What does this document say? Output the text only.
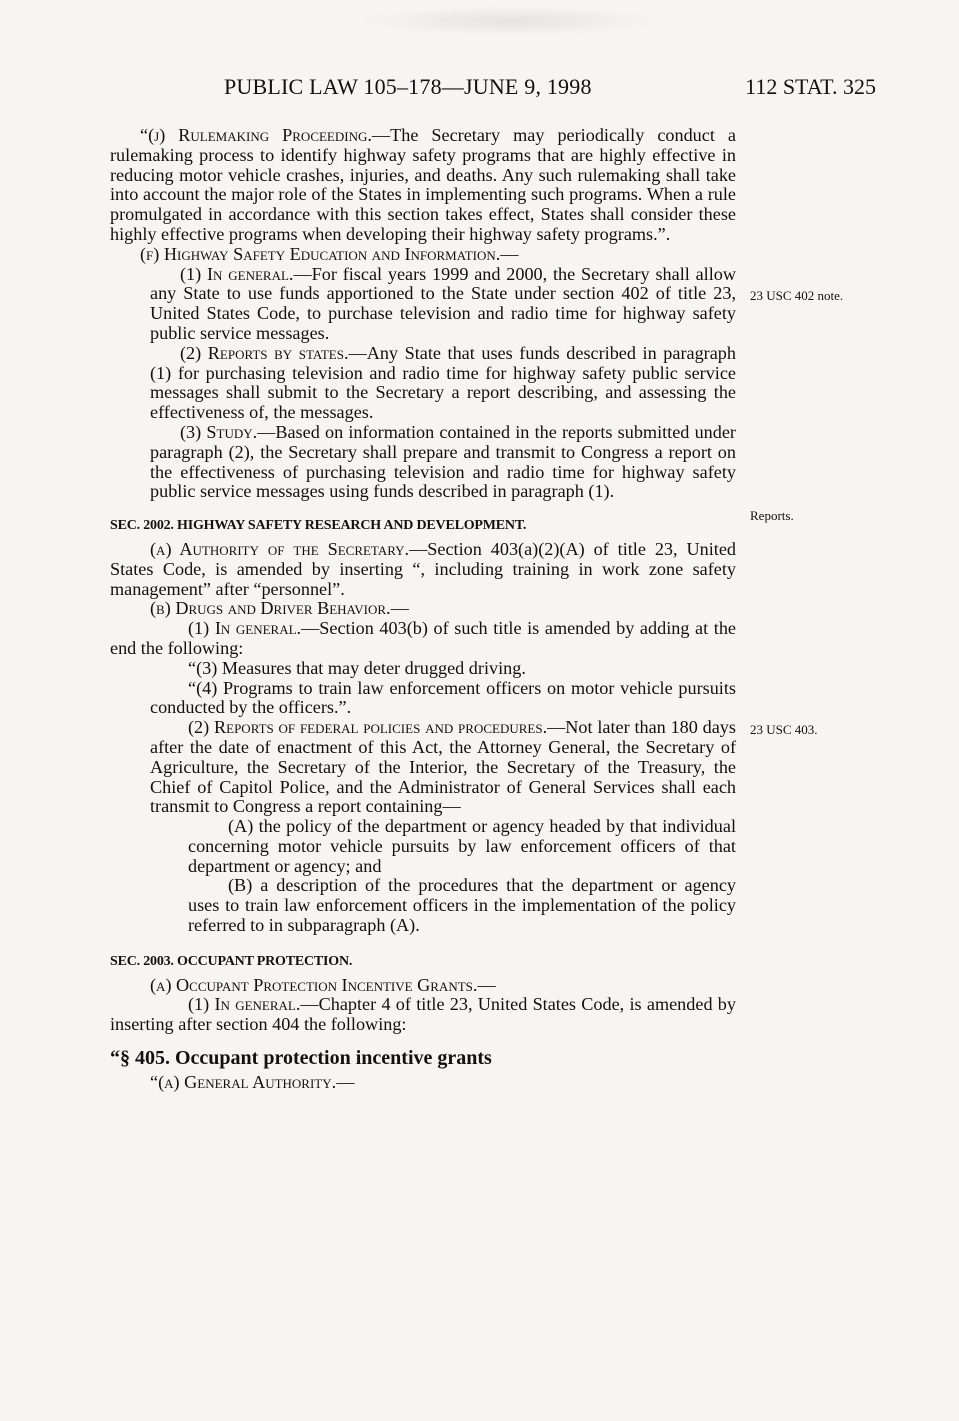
PUBLIC LAW 105–178—JUNE 9, 1998	112 STAT. 325
23 USC 402 note.
Reports.
23 USC 403.

“(j) Rulemaking Proceeding.—The Secretary may periodically conduct a rulemaking process to identify highway safety programs that are highly effective in reducing motor vehicle crashes, injuries, and deaths. Any such rulemaking shall take into account the major role of the States in implementing such programs. When a rule promulgated in accordance with this section takes effect, States shall consider these highly effective programs when developing their highway safety programs.”.

(f) Highway Safety Education and Information.—

(1) In general.—For fiscal years 1999 and 2000, the Secretary shall allow any State to use funds apportioned to the State under section 402 of title 23, United States Code, to purchase television and radio time for highway safety public service messages.

(2) Reports by states.—Any State that uses funds described in paragraph (1) for purchasing television and radio time for highway safety public service messages shall submit to the Secretary a report describing, and assessing the effectiveness of, the messages.

(3) Study.—Based on information contained in the reports submitted under paragraph (2), the Secretary shall prepare and transmit to Congress a report on the effectiveness of purchasing television and radio time for highway safety public service messages using funds described in paragraph (1).

SEC. 2002. HIGHWAY SAFETY RESEARCH AND DEVELOPMENT.

(a) Authority of the Secretary.—Section 403(a)(2)(A) of title 23, United States Code, is amended by inserting “, including training in work zone safety management” after “personnel”.

(b) Drugs and Driver Behavior.—

(1) In general.—Section 403(b) of such title is amended by adding at the end the following:

“(3) Measures that may deter drugged driving.

“(4) Programs to train law enforcement officers on motor vehicle pursuits conducted by the officers.”.

(2) Reports of federal policies and procedures.—Not later than 180 days after the date of enactment of this Act, the Attorney General, the Secretary of Agriculture, the Secretary of the Interior, the Secretary of the Treasury, the Chief of Capitol Police, and the Administrator of General Services shall each transmit to Congress a report containing—

(A) the policy of the department or agency headed by that individual concerning motor vehicle pursuits by law enforcement officers of that department or agency; and

(B) a description of the procedures that the department or agency uses to train law enforcement officers in the implementation of the policy referred to in subparagraph (A).

SEC. 2003. OCCUPANT PROTECTION.

(a) Occupant Protection Incentive Grants.—

(1) In general.—Chapter 4 of title 23, United States Code, is amended by inserting after section 404 the following:

“§ 405. Occupant protection incentive grants

“(a) General Authority.—
